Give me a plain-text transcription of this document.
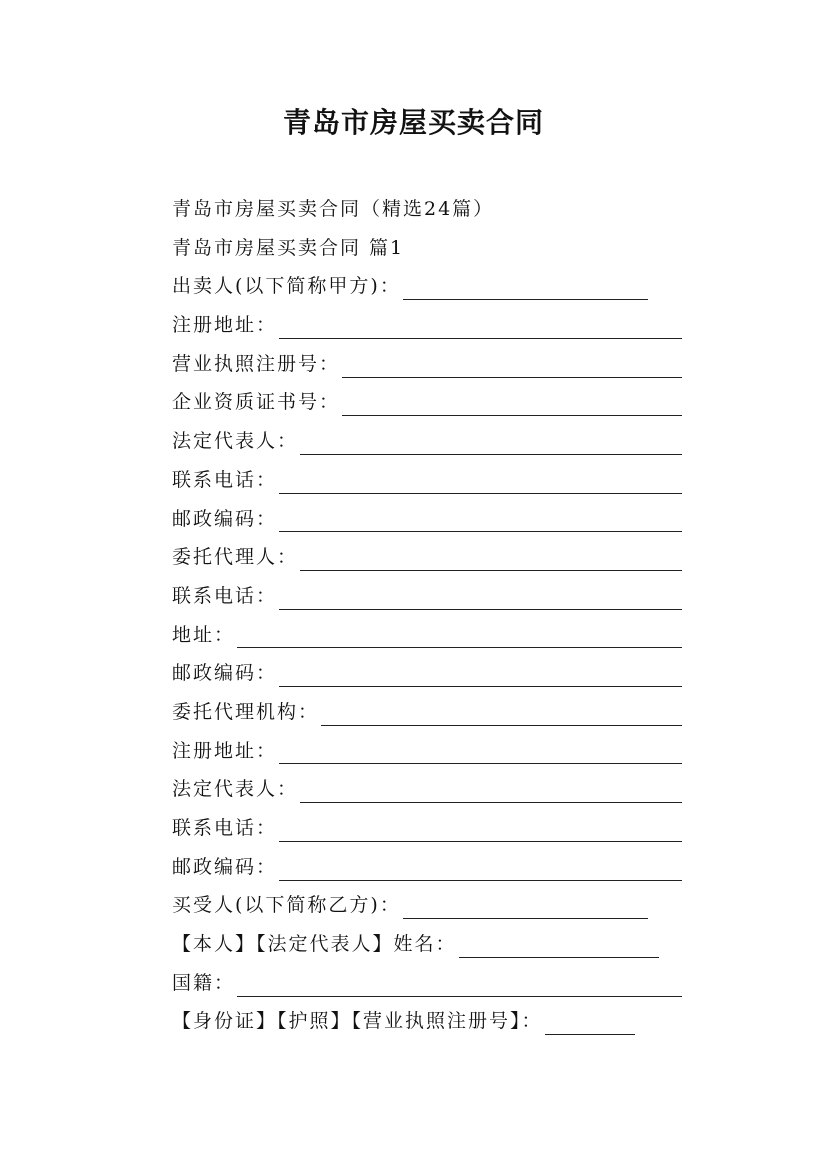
青岛市房屋买卖合同
青岛市房屋买卖合同（精选24篇）
青岛市房屋买卖合同 篇1
出卖人(以下简称甲方)：
注册地址：
营业执照注册号：
企业资质证书号：
法定代表人：
联系电话：
邮政编码：
委托代理人：
联系电话：
地址：
邮政编码：
委托代理机构：
注册地址：
法定代表人：
联系电话：
邮政编码：
买受人(以下简称乙方)：
【本人】【法定代表人】姓名：
国籍：
【身份证】【护照】【营业执照注册号】：
